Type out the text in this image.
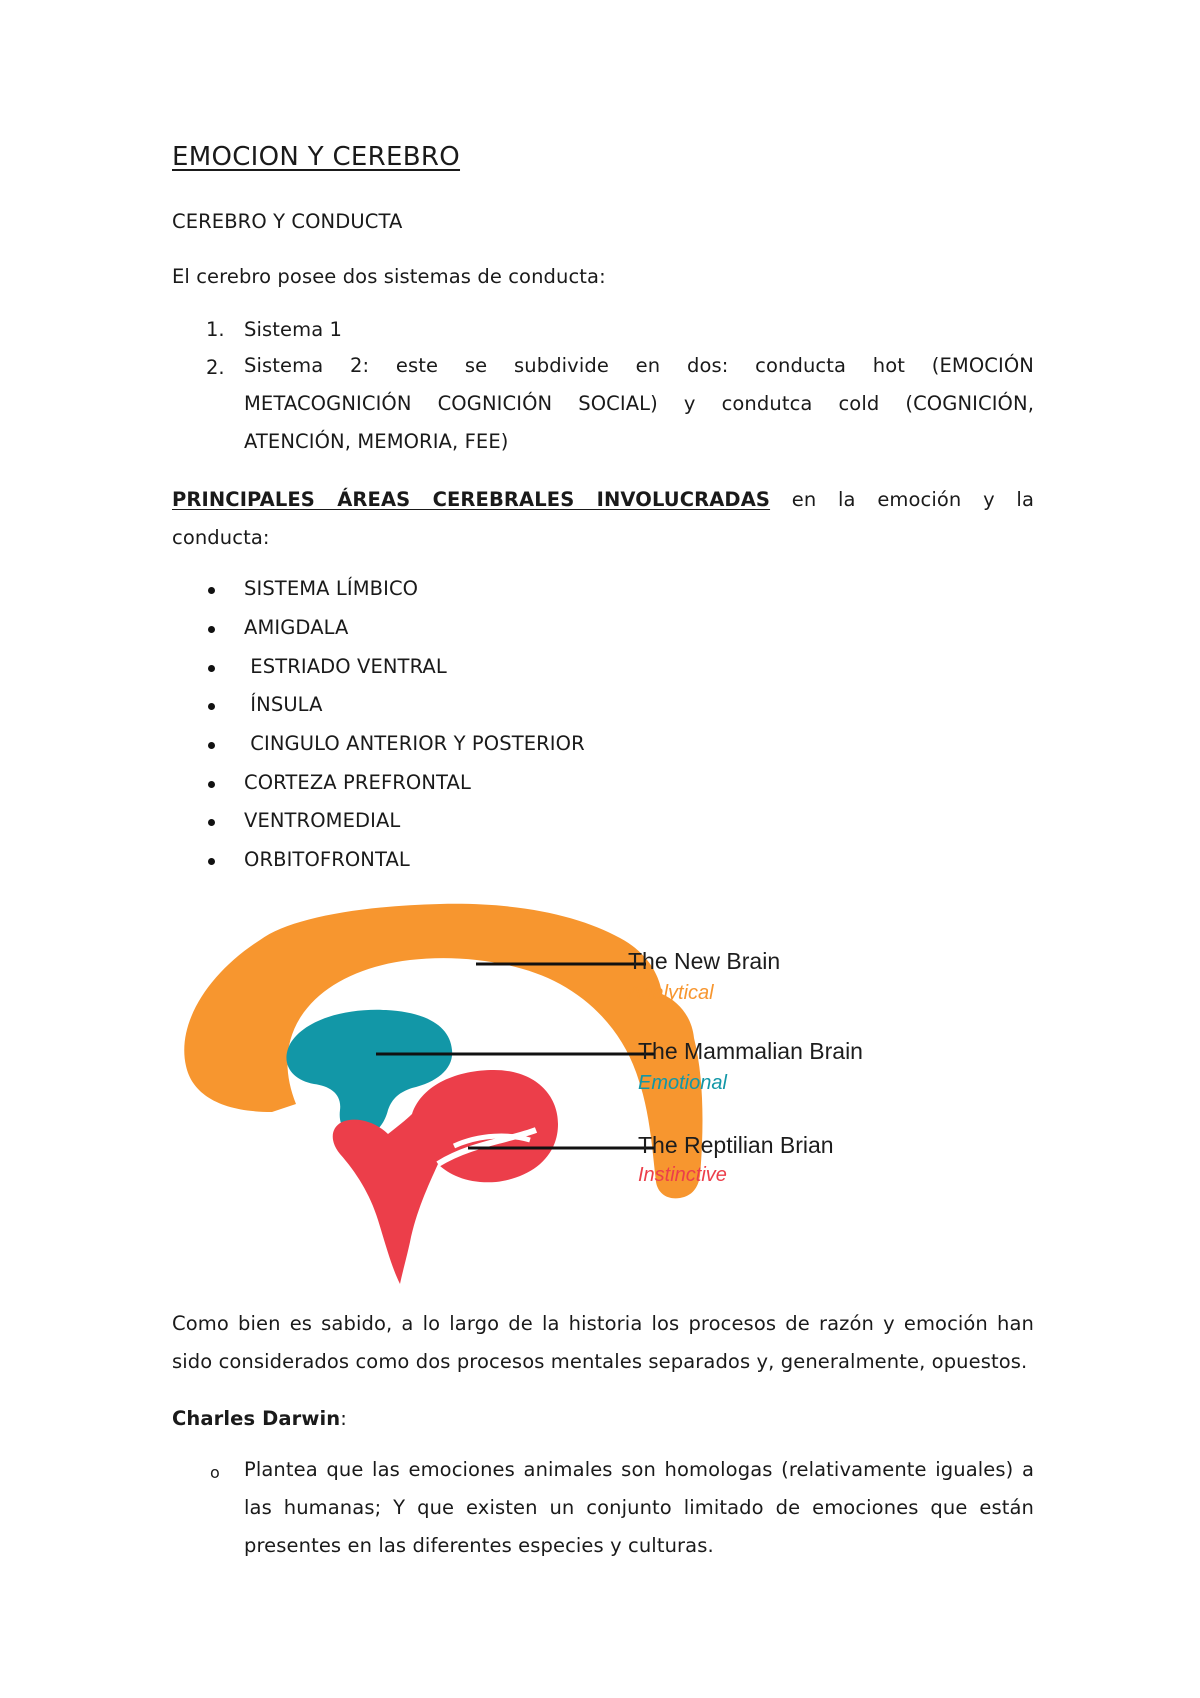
EMOCION Y CEREBRO
CEREBRO Y CONDUCTA
El cerebro posee dos sistemas de conducta:
1. Sistema 1
2. Sistema 2: este se subdivide en dos: conducta hot (EMOCIÓN
METACOGNICIÓN COGNICIÓN SOCIAL) y condutca cold (COGNICIÓN,
ATENCIÓN, MEMORIA, FEE)
PRINCIPALES ÁREAS CEREBRALES INVOLUCRADAS en la emoción y la
conducta:
SISTEMA LÍMBICO
AMIGDALA
ESTRIADO VENTRAL
ÍNSULA
CINGULO ANTERIOR Y POSTERIOR
CORTEZA PREFRONTAL
VENTROMEDIAL
ORBITOFRONTAL
The New Brain
Analytical
The Mammalian Brain
Emotional
The Reptilian Brian
Instinctive
Como bien es sabido, a lo largo de la historia los procesos de razón y emoción han
sido considerados como dos procesos mentales separados y, generalmente, opuestos.
Charles Darwin:
o Plantea que las emociones animales son homologas (relativamente iguales) a
las humanas; Y que existen un conjunto limitado de emociones que están
presentes en las diferentes especies y culturas.
